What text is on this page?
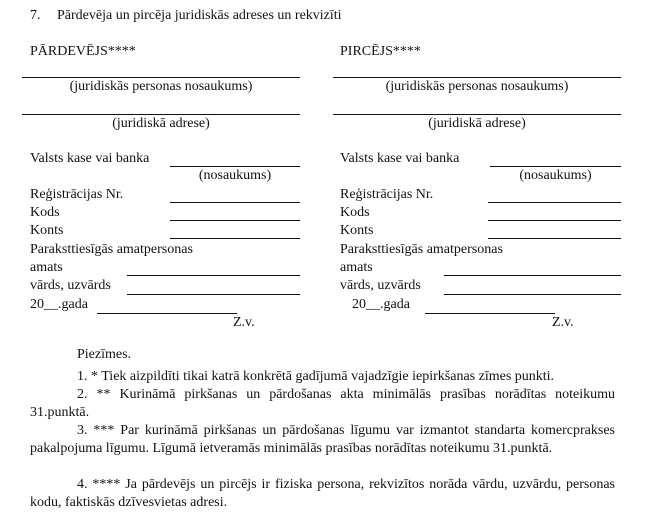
7. Pārdevēja un pircēja juridiskās adreses un rekvizīti
PĀRDEVĒJS****
(juridiskās personas nosaukums)
(juridiskā adrese)
Valsts kase vai banka
(nosaukums)
Reģistrācijas Nr.
Kods
Konts
Paraksttiesīgās amatpersonas
amats
vārds, uzvārds
20__.gada
Z.v.
PIRCĒJS****
(juridiskās personas nosaukums)
(juridiskā adrese)
Valsts kase vai banka
(nosaukums)
Reģistrācijas Nr.
Kods
Konts
Paraksttiesīgās amatpersonas
amats
vārds, uzvārds
20__.gada
Z.v.
Piezīmes.
1. * Tiek aizpildīti tikai katrā konkrētā gadījumā vajadzīgie iepirkšanas zīmes punkti.
2. ** Kurināmā pirkšanas un pārdošanas akta minimālās prasības norādītas noteikumu 31.punktā.
3. *** Par kurināmā pirkšanas un pārdošanas līgumu var izmantot standarta komercprakses pakalpojuma līgumu. Līgumā ietveramās minimālās prasības norādītas noteikumu 31.punktā.
4. **** Ja pārdevējs un pircējs ir fiziska persona, rekvizītos norāda vārdu, uzvārdu, personas kodu, faktiskās dzīvesvietas adresi.
